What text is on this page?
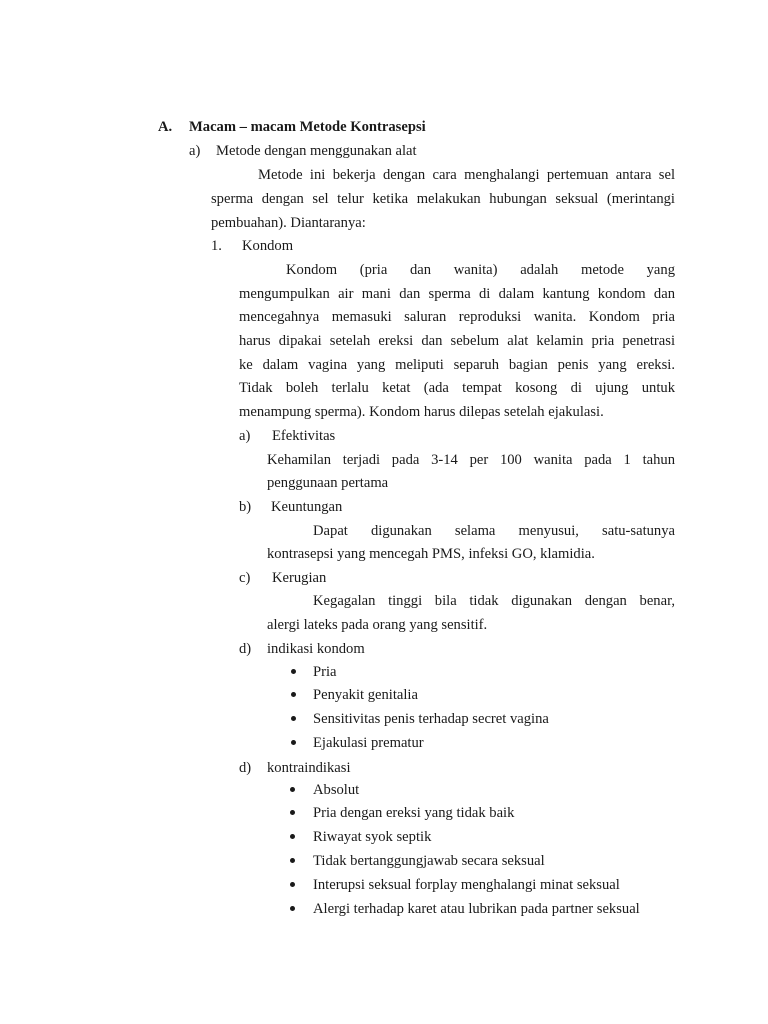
A. Macam – macam Metode Kontrasepsi
a) Metode dengan menggunakan alat
Metode ini bekerja dengan cara menghalangi pertemuan antara sel
sperma dengan sel telur ketika melakukan hubungan seksual (merintangi
pembuahan). Diantaranya:
1. Kondom
Kondom (pria dan wanita) adalah metode yang
mengumpulkan air mani dan sperma di dalam kantung kondom dan
mencegahnya memasuki saluran reproduksi wanita. Kondom pria
harus dipakai setelah ereksi dan sebelum alat kelamin pria penetrasi
ke dalam vagina yang meliputi separuh bagian penis yang ereksi.
Tidak boleh terlalu ketat (ada tempat kosong di ujung untuk
menampung sperma). Kondom harus dilepas setelah ejakulasi.
a) Efektivitas
Kehamilan terjadi pada 3-14 per 100 wanita pada 1 tahun
penggunaan pertama
b) Keuntungan
Dapat digunakan selama menyusui, satu-satunya
kontrasepsi yang mencegah PMS, infeksi GO, klamidia.
c) Kerugian
Kegagalan tinggi bila tidak digunakan dengan benar,
alergi lateks pada orang yang sensitif.
d) indikasi kondom
Pria
Penyakit genitalia
Sensitivitas penis terhadap secret vagina
Ejakulasi prematur
d) kontraindikasi
Absolut
Pria dengan ereksi yang tidak baik
Riwayat syok septik
Tidak bertanggungjawab secara seksual
Interupsi seksual forplay menghalangi minat seksual
Alergi terhadap karet atau lubrikan pada partner seksual
